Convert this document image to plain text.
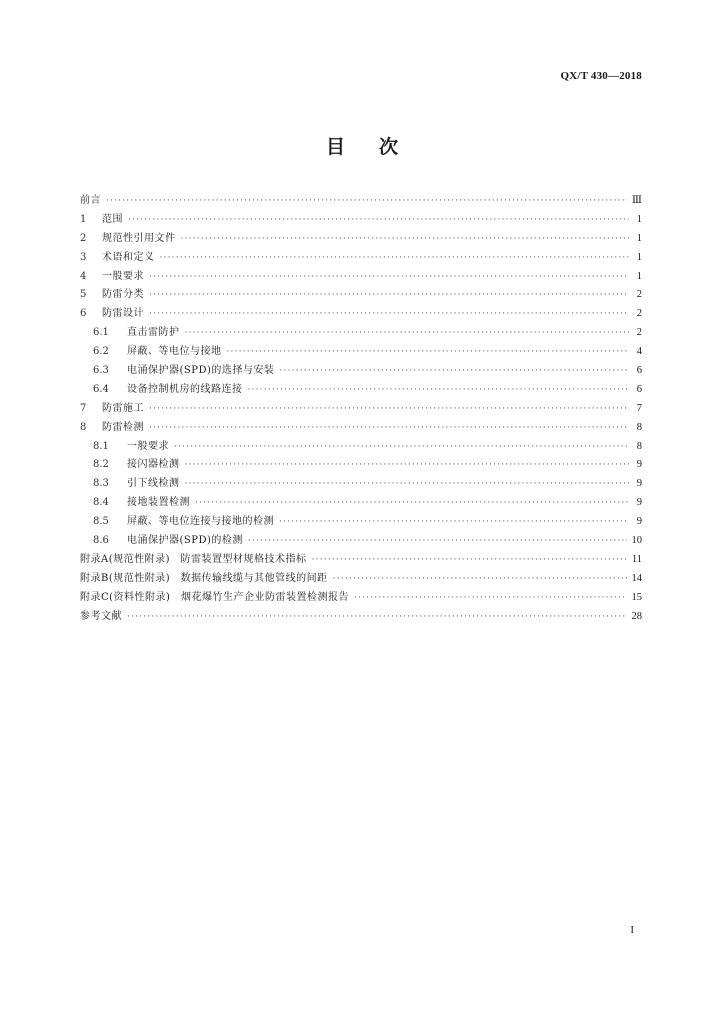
QX/T 430—2018
目 次
前言 ·····	Ⅲ
1	范围 ·····	1
2	规范性引用文件 ·····	1
3	术语和定义 ·····	1
4	一般要求 ·····	1
5	防雷分类 ·····	2
6	防雷设计 ·····	2
6.1	直击雷防护 ·····	2
6.2	屏蔽、等电位与接地 ·····	4
6.3	电涌保护器(SPD)的选择与安装 ·····	6
6.4	设备控制机房的线路连接 ·····	6
7	防雷施工 ·····	7
8	防雷检测 ·····	8
8.1	一般要求 ·····	8
8.2	接闪器检测 ·····	9
8.3	引下线检测 ·····	9
8.4	接地装置检测 ·····	9
8.5	屏蔽、等电位连接与接地的检测 ·····	9
8.6	电涌保护器(SPD)的检测 ·····	10
附录A(规范性附录)　防雷装置型材规格技术指标 ·····	11
附录B(规范性附录)　数据传输线缆与其他管线的间距 ·····	14
附录C(资料性附录)　烟花爆竹生产企业防雷装置检测报告 ·····	15
参考文献 ·····	28
I
